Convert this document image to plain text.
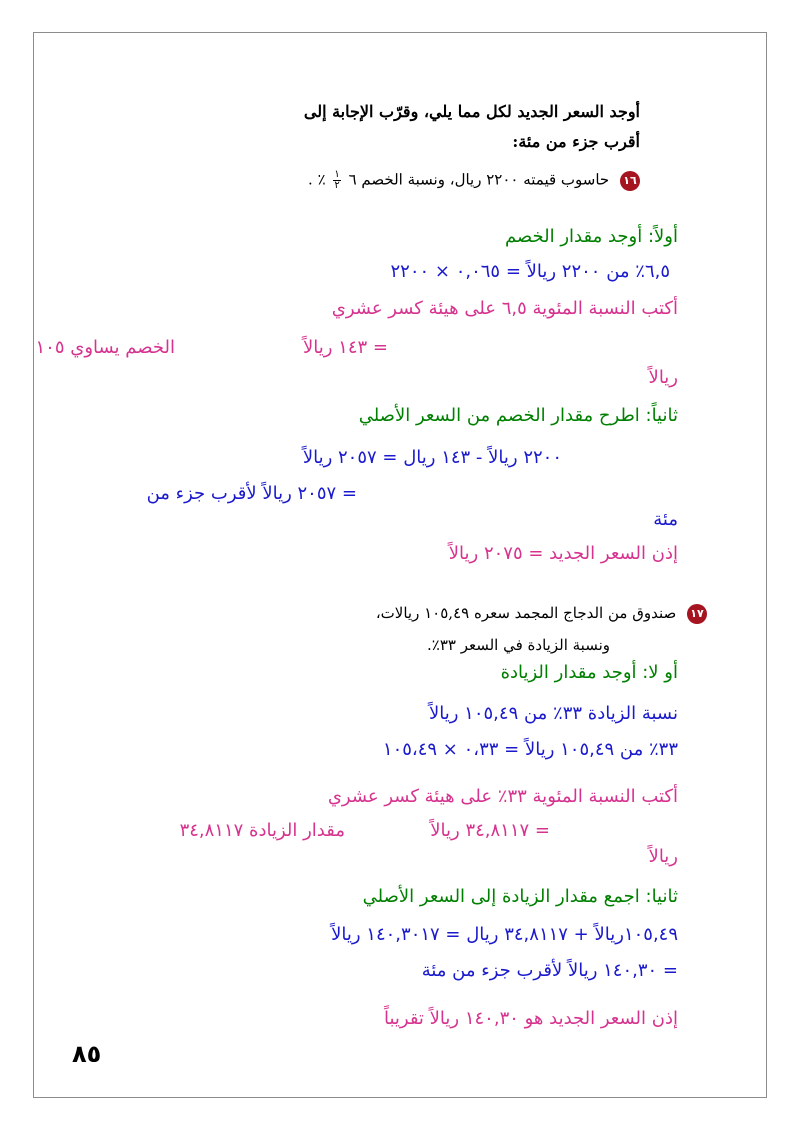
أوجد السعر الجديد لكل مما يلي، وقرّب الإجابة إلى
أقرب جزء من مئة:
١٦ حاسوب قيمته ٢٢٠٠ ريال، ونسبة الخصم ٦
$\frac{١}{٢}$
٪ .
أولاً: أوجد مقدار الخصم
٦,٥٪ من ٢٢٠٠ رياﻻً = ٠,٠٦٥ × ٢٢٠٠
أكتب النسبة المئوية ٦,٥ على هيئة كسر عشري
= ١٤٣ رياﻻً
الخصم يساوي ١٠٥
رياﻻً
ثانياً: اطرح مقدار الخصم من السعر الأصلي
٢٢٠٠ رياﻻً - ١٤٣ ريال = ٢٠٥٧ رياﻻً
= ٢٠٥٧ رياﻻً لأقرب جزء من
مئة
إذن السعر الجديد = ٢٠٧٥ رياﻻً
١٧ صندوق من الدجاج المجمد سعره ١٠٥,٤٩ ريالات،
ونسبة الزيادة في السعر ٣٣٪.
أو لا: أوجد مقدار الزيادة
نسبة الزيادة ٣٣٪ من ١٠٥,٤٩ رياﻻً
٣٣٪ من ١٠٥,٤٩ رياﻻً = ٠،٣٣ × ١٠٥،٤٩
أكتب النسبة المئوية ٣٣٪ على هيئة كسر عشري
= ٣٤,٨١١٧ رياﻻً
مقدار الزيادة ٣٤,٨١١٧
رياﻻً
ثانيا: اجمع مقدار الزيادة إلى السعر الأصلي
١٠٥,٤٩رياﻻً + ٣٤,٨١١٧ ريال = ١٤٠,٣٠١٧ رياﻻً
= ١٤٠,٣٠ رياﻻً لأقرب جزء من مئة
إذن السعر الجديد هو ١٤٠,٣٠ رياﻻً تقريباً
٨٥
